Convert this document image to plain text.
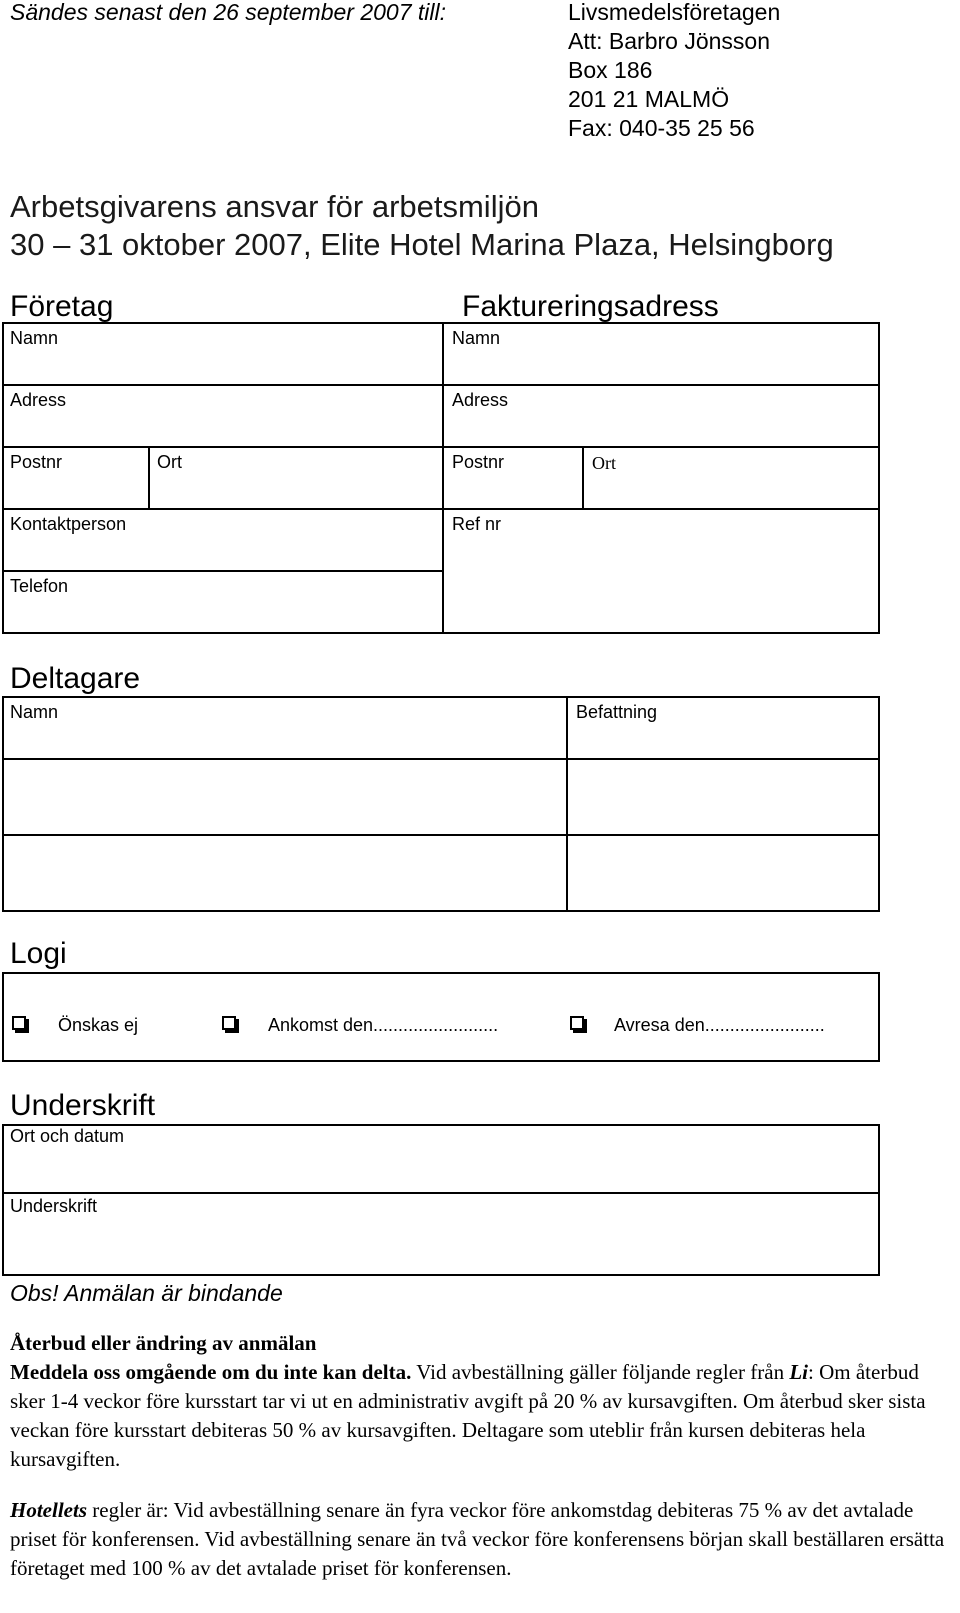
Sändes senast den 26 september 2007 till:	Livsmedelsföretagen
Att: Barbro Jönsson
Box 186
201 21 MALMÖ
Fax: 040-35 25 56
Arbetsgivarens ansvar för arbetsmiljön
30 – 31 oktober 2007, Elite Hotel Marina Plaza, Helsingborg
Företag	Faktureringsadress
Namn	Namn
Adress	Adress
Postnr	Ort	Postnr	Ort
Kontaktperson	Ref nr
Telefon
Deltagare
Namn	Befattning
Logi
Önskas ej	Ankomst den.........................	Avresa den........................
Underskrift
Ort och datum
Underskrift
Obs! Anmälan är bindande

Återbud eller ändring av anmälan

Meddela oss omgående om du inte kan delta. Vid avbeställning gäller följande regler från Li: Om återbud sker 1-4 veckor före kursstart tar vi ut en administrativ avgift på 20 % av kursavgiften. Om återbud sker sista veckan före kursstart debiteras 50 % av kursavgiften. Deltagare som uteblir från kursen debiteras hela kursavgiften.

Hotellets regler är: Vid avbeställning senare än fyra veckor före ankomstdag debiteras 75 % av det avtalade priset för konferensen. Vid avbeställning senare än två veckor före konferensens början skall beställaren ersätta företaget med 100 % av det avtalade priset för konferensen.
